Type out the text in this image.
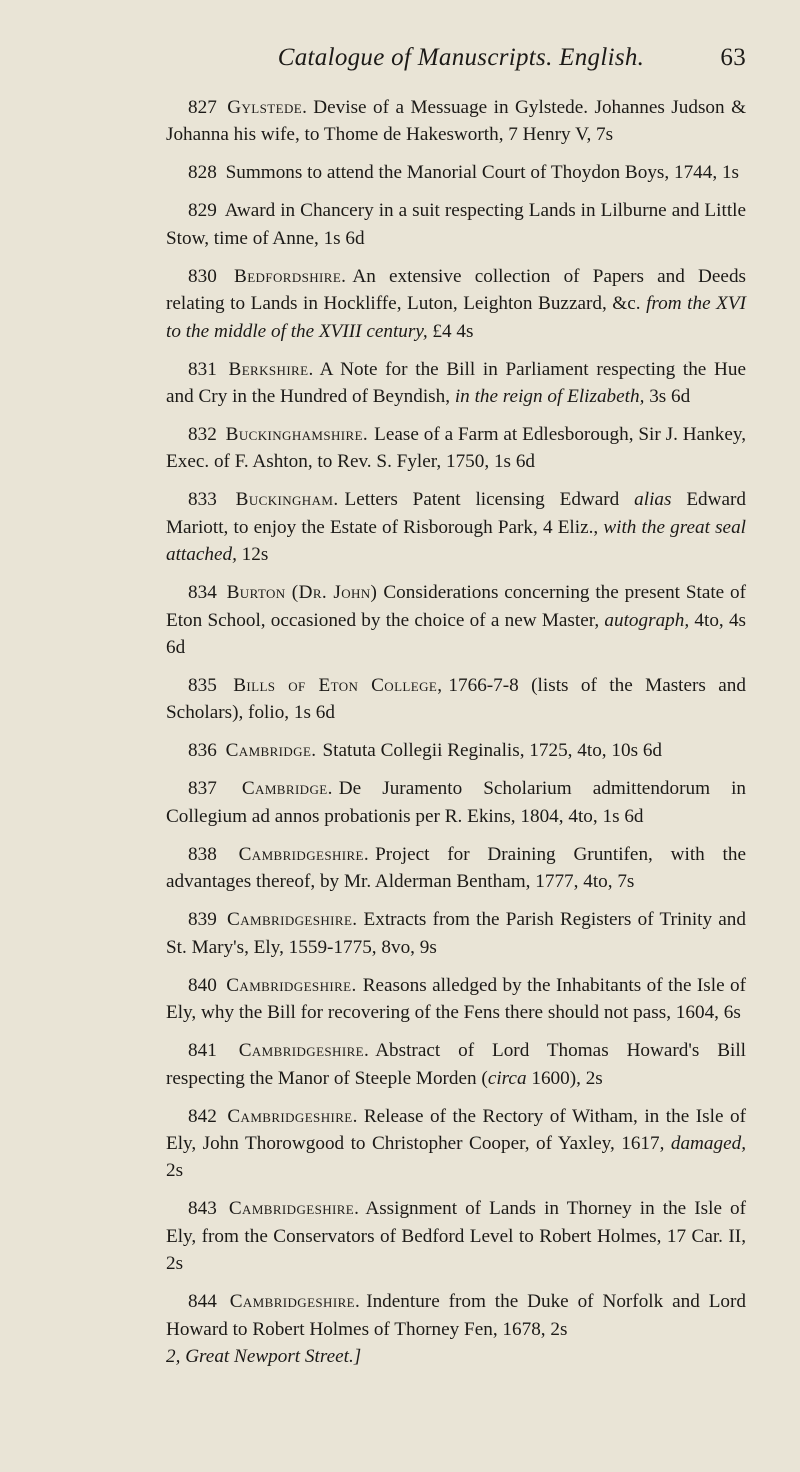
Catalogue of Manuscripts. English.	63

827 Gylstede. Devise of a Messuage in Gylstede. Johannes Judson & Johanna his wife, to Thome de Hakesworth, 7 Henry V, 7s

828 Summons to attend the Manorial Court of Thoydon Boys, 1744, 1s

829 Award in Chancery in a suit respecting Lands in Lilburne and Little Stow, time of Anne, 1s 6d

830 Bedfordshire. An extensive collection of Papers and Deeds relating to Lands in Hockliffe, Luton, Leighton Buzzard, &c. from the XVI to the middle of the XVIII century, £4 4s

831 Berkshire. A Note for the Bill in Parliament respecting the Hue and Cry in the Hundred of Beyndish, in the reign of Elizabeth, 3s 6d

832 Buckinghamshire. Lease of a Farm at Edlesborough, Sir J. Hankey, Exec. of F. Ashton, to Rev. S. Fyler, 1750, 1s 6d

833 Buckingham. Letters Patent licensing Edward alias Edward Mariott, to enjoy the Estate of Risborough Park, 4 Eliz., with the great seal attached, 12s

834 Burton (Dr. John) Considerations concerning the present State of Eton School, occasioned by the choice of a new Master, autograph, 4to, 4s 6d

835 Bills of Eton College, 1766-7-8 (lists of the Masters and Scholars), folio, 1s 6d

836 Cambridge. Statuta Collegii Reginalis, 1725, 4to, 10s 6d

837 Cambridge. De Juramento Scholarium admittendorum in Collegium ad annos probationis per R. Ekins, 1804, 4to, 1s 6d

838 Cambridgeshire. Project for Draining Gruntifen, with the advantages thereof, by Mr. Alderman Bentham, 1777, 4to, 7s

839 Cambridgeshire. Extracts from the Parish Registers of Trinity and St. Mary's, Ely, 1559-1775, 8vo, 9s

840 Cambridgeshire. Reasons alledged by the Inhabitants of the Isle of Ely, why the Bill for recovering of the Fens there should not pass, 1604, 6s

841 Cambridgeshire. Abstract of Lord Thomas Howard's Bill respecting the Manor of Steeple Morden (circa 1600), 2s

842 Cambridgeshire. Release of the Rectory of Witham, in the Isle of Ely, John Thorowgood to Christopher Cooper, of Yaxley, 1617, damaged, 2s

843 Cambridgeshire. Assignment of Lands in Thorney in the Isle of Ely, from the Conservators of Bedford Level to Robert Holmes, 17 Car. II, 2s

844 Cambridgeshire. Indenture from the Duke of Norfolk and Lord Howard to Robert Holmes of Thorney Fen, 1678, 2s
2, Great Newport Street.]
